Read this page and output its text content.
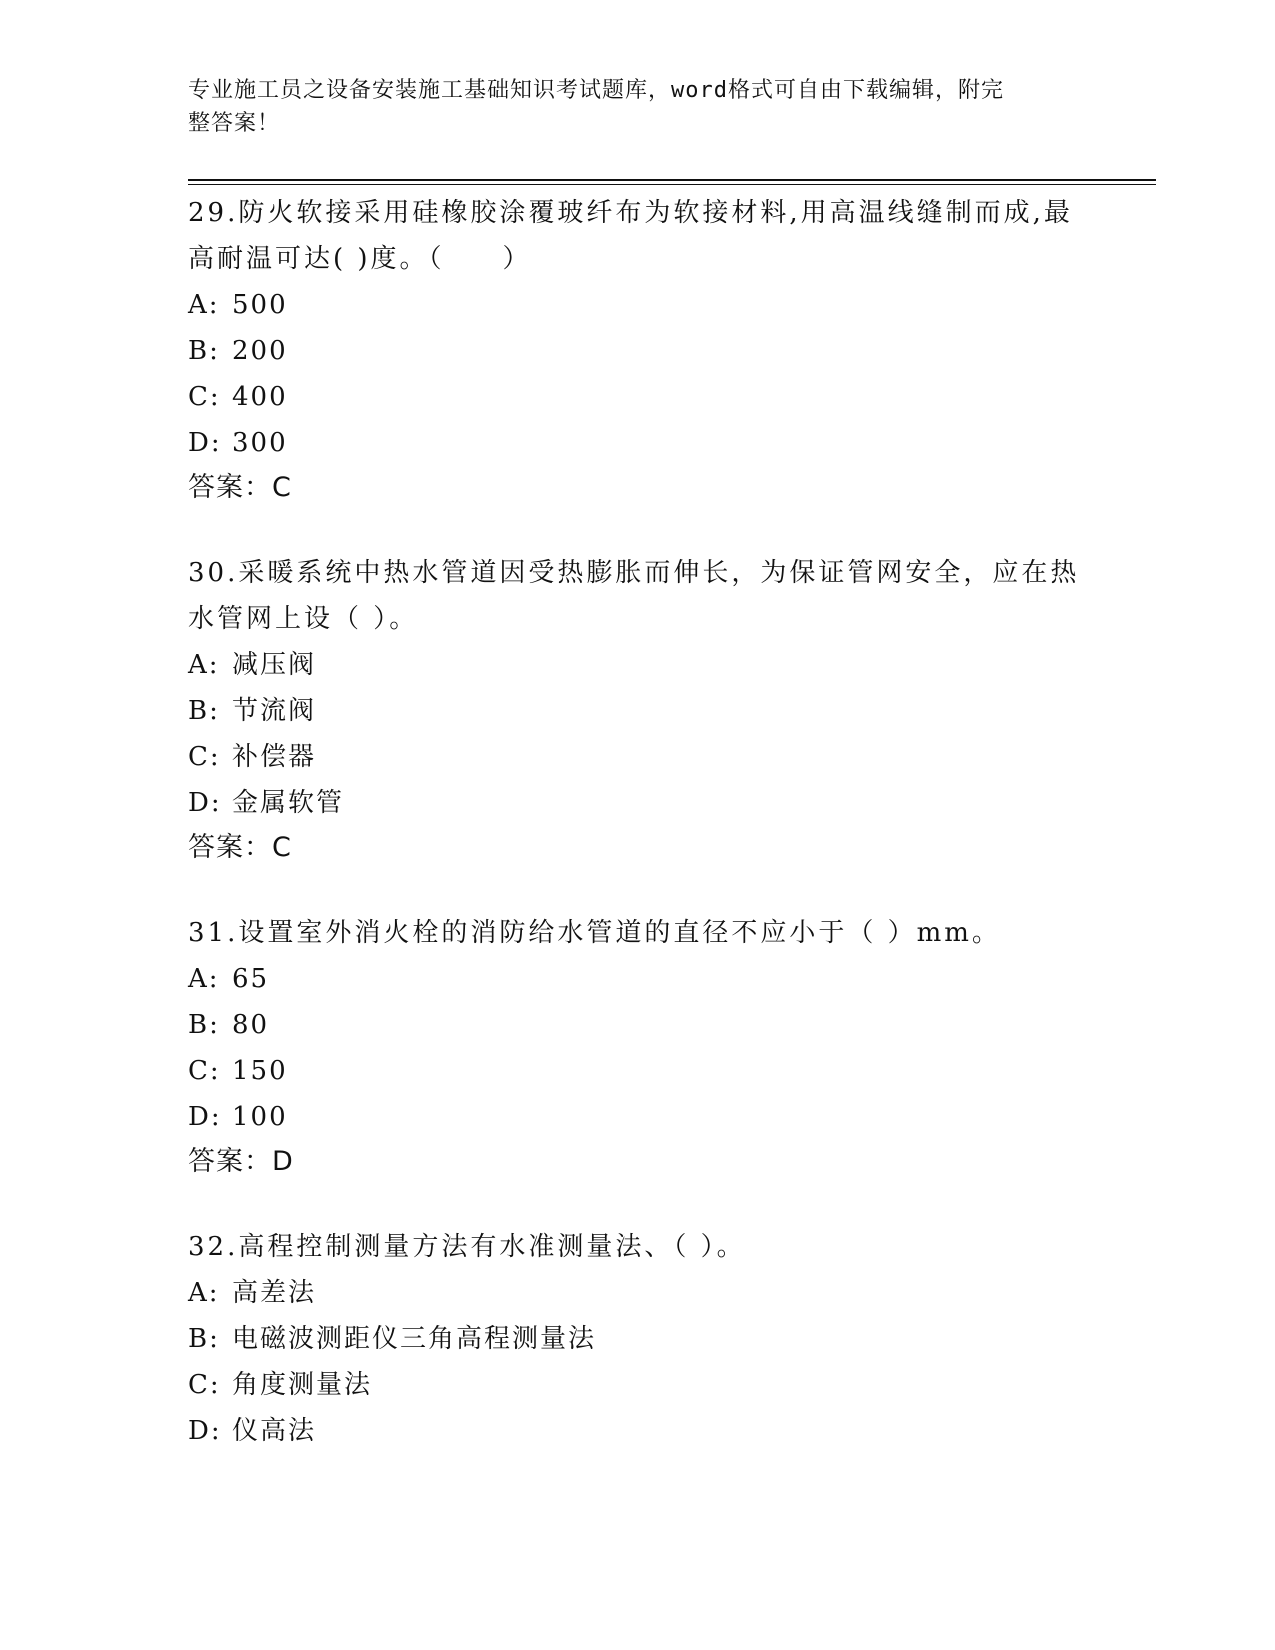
专业施工员之设备安装施工基础知识考试题库，word格式可自由下载编辑，附完
整答案！

29.防火软接采用硅橡胶涂覆玻纤布为软接材料,用高温线缝制而成,最

高耐温可达( )度。（　　）

A: 500

B: 200

C: 400

D: 300

答案：C

30.采暖系统中热水管道因受热膨胀而伸长，为保证管网安全，应在热

水管网上设（ ）。

A: 减压阀

B: 节流阀

C: 补偿器

D: 金属软管

答案：C

31.设置室外消火栓的消防给水管道的直径不应小于（ ）mm。

A: 65

B: 80

C: 150

D: 100

答案：D

32.高程控制测量方法有水准测量法、（ ）。

A: 高差法

B: 电磁波测距仪三角高程测量法

C: 角度测量法

D: 仪高法
